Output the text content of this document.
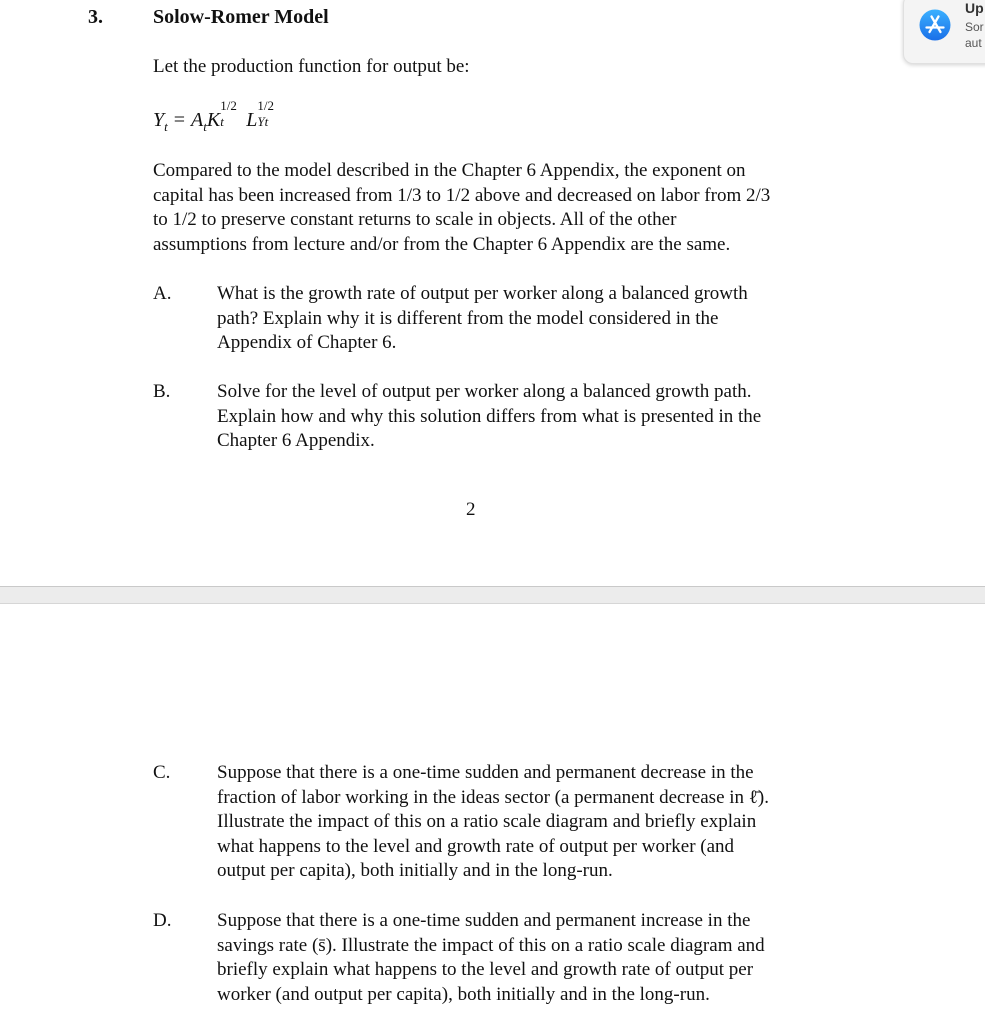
3.	Solow-Romer Model

Let the production function for output be:

$Y_t = A_tK$
1/2
t L
1/2
Yt
Compared to the model described in the Chapter 6 Appendix, the exponent on
capital has been increased from 1/3 to 1/2 above and decreased on labor from 2/3
to 1/2 to preserve constant returns to scale in objects. All of the other
assumptions from lecture and/or from the Chapter 6 Appendix are the same.
A. What is the growth rate of output per worker along a balanced growth
path? Explain why it is different from the model considered in the
Appendix of Chapter 6.
B. Solve for the level of output per worker along a balanced growth path.
Explain how and why this solution differs from what is presented in the
Chapter 6 Appendix.
2
C. Suppose that there is a one-time sudden and permanent decrease in the
fraction of labor working in the ideas sector (a permanent decrease in ℓ̄).
Illustrate the impact of this on a ratio scale diagram and briefly explain
what happens to the level and growth rate of output per worker (and
output per capita), both initially and in the long-run.
D. Suppose that there is a one-time sudden and permanent increase in the
savings rate (s̄). Illustrate the impact of this on a ratio scale diagram and
briefly explain what happens to the level and growth rate of output per
worker (and output per capita), both initially and in the long-run.
Up
Sor
aut
